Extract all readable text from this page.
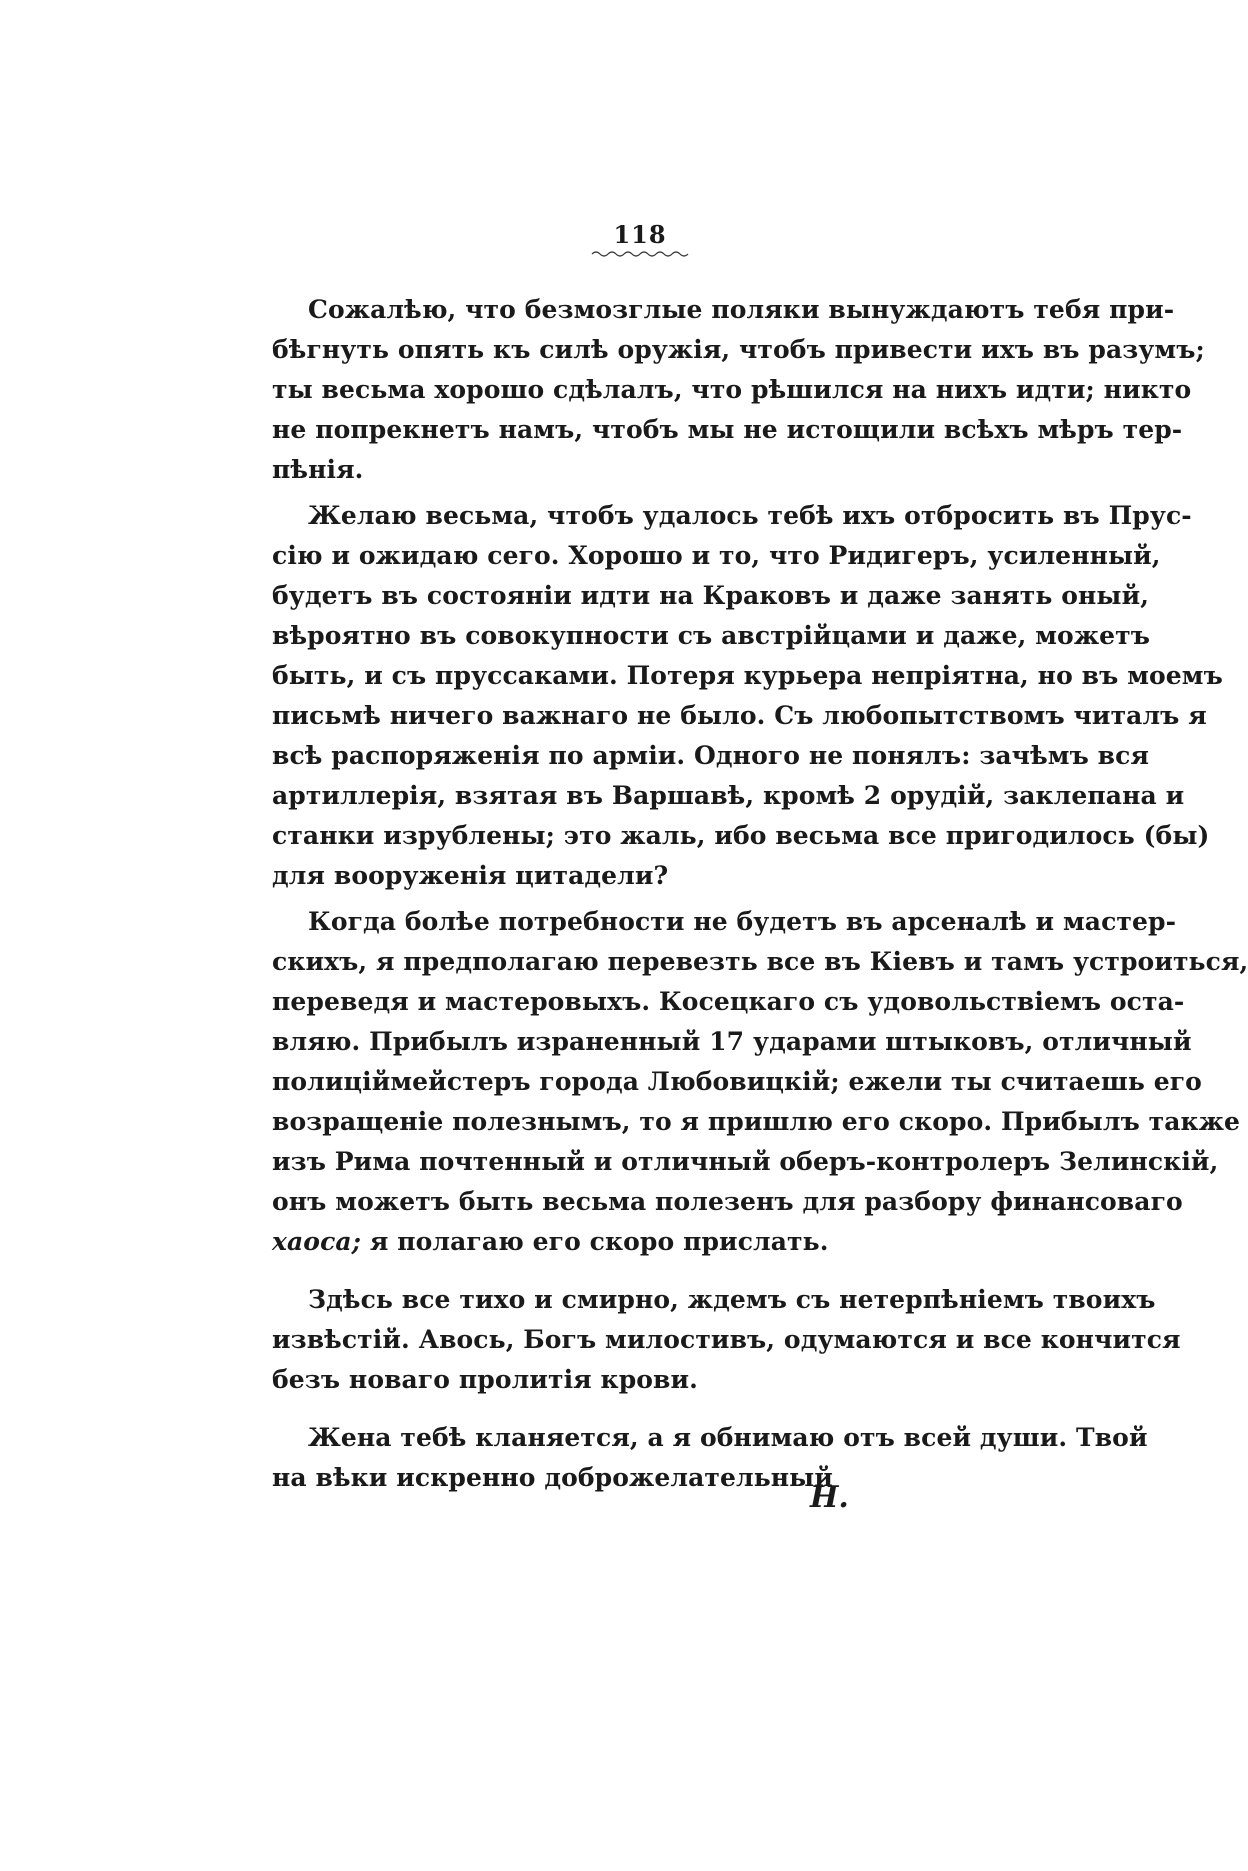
118
Сожалѣю, что безмозглые поляки вынуждаютъ тебя при-
бѣгнуть опять къ силѣ оружія, чтобъ привести ихъ въ разумъ;
ты весьма хорошо сдѣлалъ, что рѣшился на нихъ идти; никто
не попрекнетъ намъ, чтобъ мы не истощили всѣхъ мѣръ тер-
пѣнія.
Желаю весьма, чтобъ удалось тебѣ ихъ отбросить въ Прус-
сію и ожидаю сего. Хорошо и то, что Ридигеръ, усиленный,
будетъ въ состояніи идти на Краковъ и даже занять оный,
вѣроятно въ совокупности съ австрійцами и даже, можетъ
быть, и съ пруссаками. Потеря курьера непріятна, но въ моемъ
письмѣ ничего важнаго не было. Съ любопытствомъ читалъ я
всѣ распоряженія по арміи. Одного не понялъ: зачѣмъ вся
артиллерія, взятая въ Варшавѣ, кромѣ 2 орудій, заклепана и
станки изрублены; это жаль, ибо весьма все пригодилось (бы)
для вооруженія цитадели?
Когда болѣе потребности не будетъ въ арсеналѣ и мастер-
скихъ, я предполагаю перевезть все въ Кіевъ и тамъ устроиться,
переведя и мастеровыхъ. Косецкаго съ удовольствіемъ оста-
вляю. Прибылъ израненный 17 ударами штыковъ, отличный
полиціймейстеръ города Любовицкій; ежели ты считаешь его
возращеніе полезнымъ, то я пришлю его скоро. Прибылъ также
изъ Рима почтенный и отличный оберъ-контролеръ Зелинскій,
онъ можетъ быть весьма полезенъ для разбору финансоваго
хаоса; я полагаю его скоро прислать.
Здѣсь все тихо и смирно, ждемъ съ нетерпѣніемъ твоихъ
извѣстій. Авось, Богъ милостивъ, одумаются и все кончится
безъ новаго пролитія крови.
Жена тебѣ кланяется, а я обнимаю отъ всей души. Твой
на вѣки искренно доброжелательный
Н.
